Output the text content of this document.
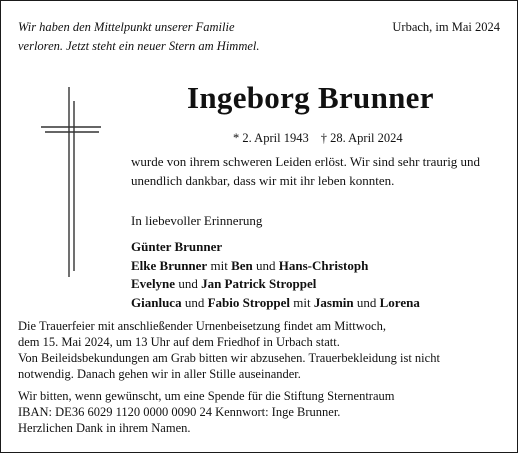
Wir haben den Mittelpunkt unserer Familie
verloren. Jetzt steht ein neuer Stern am Himmel.
Urbach, im Mai 2024
Ingeborg Brunner
* 2. April 1943 † 28. April 2024

wurde von ihrem schweren Leiden erlöst. Wir sind sehr traurig und unendlich dankbar, dass wir mit ihr leben konnten.

In liebevoller Erinnerung
Günter Brunner
Elke Brunner mit Ben und Hans-Christoph
Evelyne und Jan Patrick Stroppel
Gianluca und Fabio Stroppel mit Jasmin und Lorena
Die Trauerfeier mit anschließender Urnenbeisetzung findet am Mittwoch,
dem 15. Mai 2024, um 13 Uhr auf dem Friedhof in Urbach statt.
Von Beileidsbekundungen am Grab bitten wir abzusehen. Trauerbekleidung ist nicht
notwendig. Danach gehen wir in aller Stille auseinander.
Wir bitten, wenn gewünscht, um eine Spende für die Stiftung Sternentraum
IBAN: DE36 6029 1120 0000 0090 24 Kennwort: Inge Brunner.
Herzlichen Dank in ihrem Namen.
